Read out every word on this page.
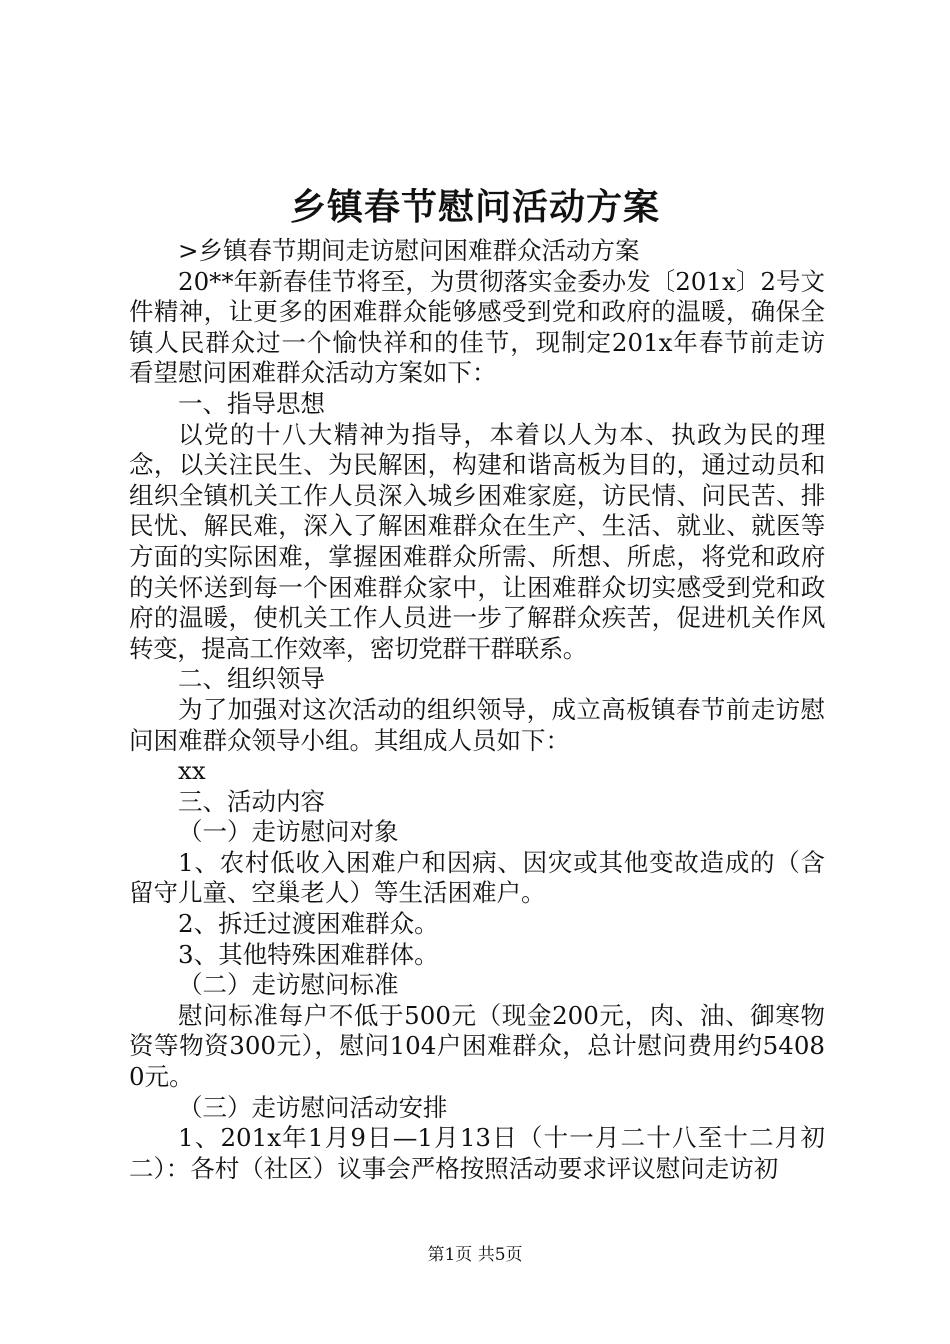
乡镇春节慰问活动方案

>乡镇春节期间走访慰问困难群众活动方案

20**年新春佳节将至，为贯彻落实金委办发〔201x〕2号文件精神，让更多的困难群众能够感受到党和政府的温暖，确保全镇人民群众过一个愉快祥和的佳节，现制定201x年春节前走访看望慰问困难群众活动方案如下：

一、指导思想

以党的十八大精神为指导，本着以人为本、执政为民的理念，以关注民生、为民解困，构建和谐高板为目的，通过动员和组织全镇机关工作人员深入城乡困难家庭，访民情、问民苦、排民忧、解民难，深入了解困难群众在生产、生活、就业、就医等方面的实际困难，掌握困难群众所需、所想、所虑，将党和政府的关怀送到每一个困难群众家中，让困难群众切实感受到党和政府的温暖，使机关工作人员进一步了解群众疾苦，促进机关作风转变，提高工作效率，密切党群干群联系。

二、组织领导

为了加强对这次活动的组织领导，成立高板镇春节前走访慰问困难群众领导小组。其组成人员如下：

xx

三、活动内容

（一）走访慰问对象

1、农村低收入困难户和因病、因灾或其他变故造成的（含留守儿童、空巢老人）等生活困难户。

2、拆迁过渡困难群众。

3、其他特殊困难群体。

（二）走访慰问标准

慰问标准每户不低于500元（现金200元，肉、油、御寒物资等物资300元），慰问104户困难群众，总计慰问费用约54080元。

（三）走访慰问活动安排

1、201x年1月9日—1月13日（十一月二十八至十二月初二）：各村（社区）议事会严格按照活动要求评议慰问走访初

第1页 共5页
